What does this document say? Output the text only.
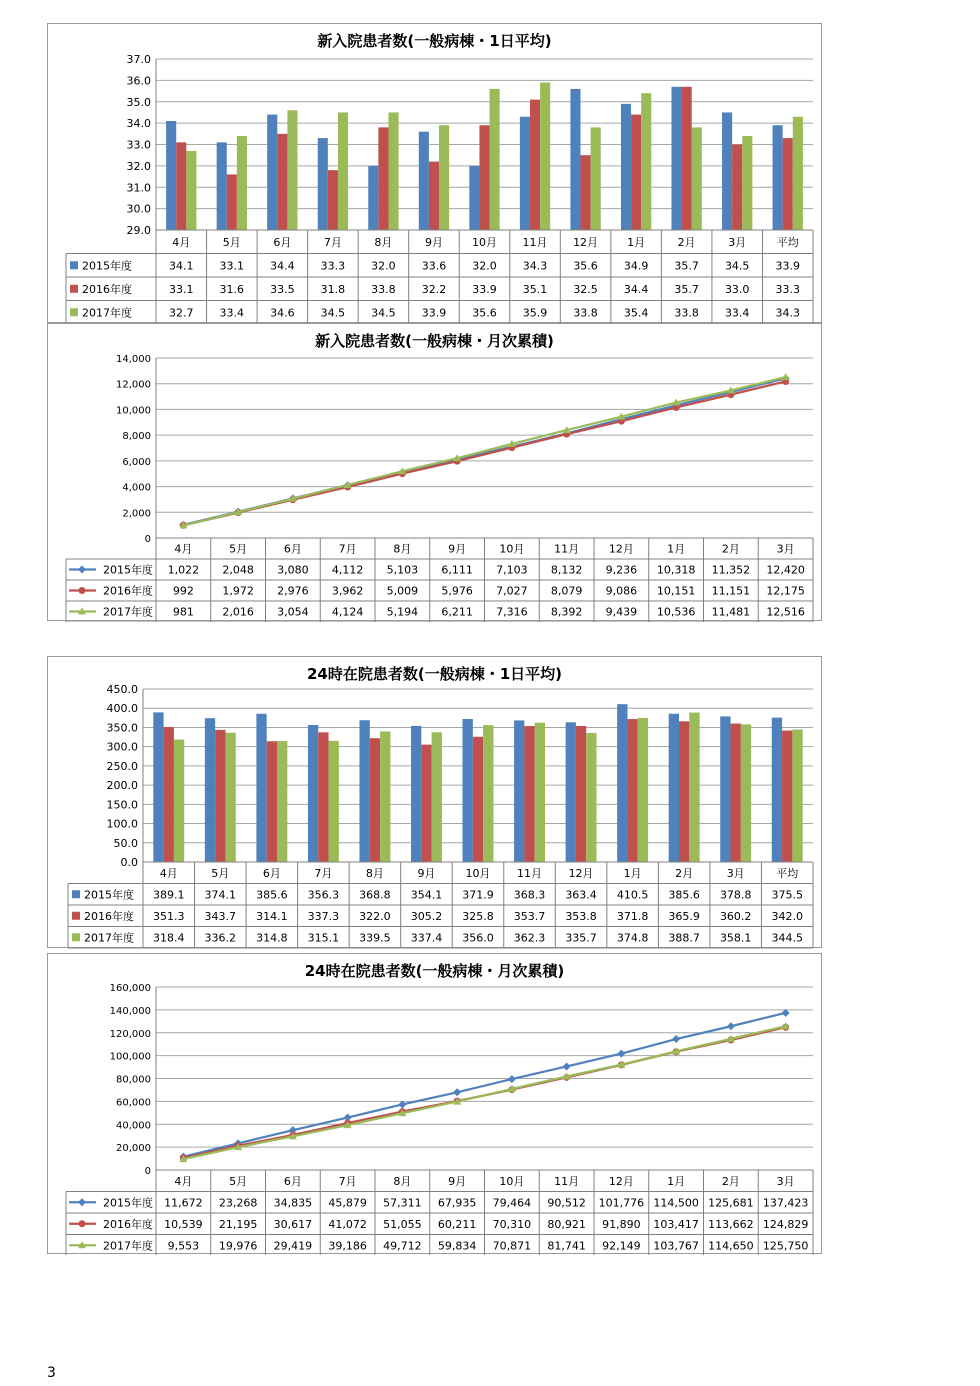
新入院患者数(一般病棟・1日平均)
29.0
30.0
31.0
32.0
33.0
34.0
35.0
36.0
37.0
4月	5月	6月	7月	8月	9月	10月 11月 12月	1月	2月	3月	平均
2015年度	34.1 33.1 34.4 33.3 32.0 33.6 32.0 34.3 35.6 34.9 35.7 34.5 33.9
2016年度	33.1 31.6 33.5 31.8 33.8 32.2 33.9 35.1 32.5 34.4 35.7 33.0 33.3
2017年度	32.7 33.4 34.6 34.5 34.5 33.9 35.6 35.9 33.8 35.4 33.8 33.4 34.3
新入院患者数(一般病棟・月次累積)
0
2,000
4,000
6,000
8,000
10,000
12,000
14,000
4月	5月	6月	7月	8月	9月	10月	11月	12月	1月	2月	3月
2015年度 1,022 2,048 3,080 4,112 5,103 6,111 7,103 8,132 9,236 10,318 11,352 12,420
2016年度 992	1,972 2,976 3,962 5,009 5,976 7,027 8,079 9,086 10,151 11,151 12,175
2017年度 981	2,016 3,054 4,124 5,194 6,211 7,316 8,392 9,439 10,536 11,481 12,516
24時在院患者数(一般病棟・1日平均)
0.0
50.0
100.0
150.0
200.0
250.0
300.0
350.0
400.0
450.0
4月	5月	6月	7月	8月	9月	10月 11月 12月	1月	2月	3月	平均
2015年度 389.1 374.1 385.6 356.3 368.8 354.1 371.9 368.3 363.4 410.5 385.6 378.8 375.5
2016年度 351.3 343.7 314.1 337.3 322.0 305.2 325.8 353.7 353.8 371.8 365.9 360.2 342.0
2017年度 318.4 336.2 314.8 315.1 339.5 337.4 356.0 362.3 335.7 374.8 388.7 358.1 344.5
24時在院患者数(一般病棟・月次累積)
0
20,000
40,000
60,000
80,000
100,000
120,000
140,000
160,000
4月	5月	6月	7月	8月	9月	10月	11月	12月	1月	2月	3月
2015年度 11,672 23,268 34,835 45,879 57,311 67,935 79,464 90,512 101,776 114,500 125,681 137,423
2016年度 10,539 21,195 30,617 41,072 51,055 60,211 70,310 80,921 91,890 103,417 113,662 124,829
2017年度 9,553 19,976 29,419 39,186 49,712 59,834 70,871 81,741 92,149 103,767 114,650 125,750
3
